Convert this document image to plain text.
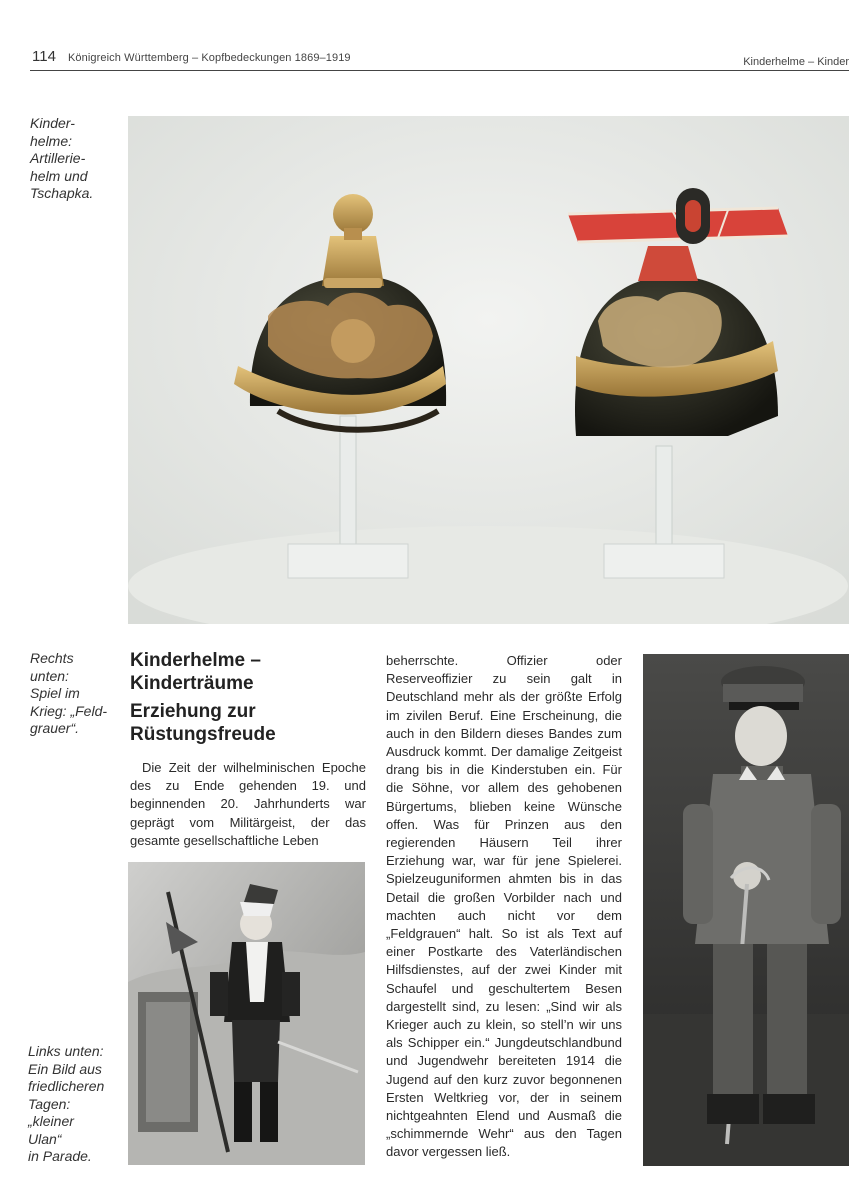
114 Königreich Württemberg – Kopfbedeckungen 1869–1919	Kinderhelme – Kinder
Kinder-
helme:
Artillerie-
helm und
Tschapka.
Rechts
unten:
Spiel im
Krieg: „Feld-
grauer“.
Kinderhelme –
Kinderträume
Erziehung zur
Rüstungsfreude
Die Zeit der wilhelminischen Epoche des zu Ende gehenden 19. und beginnenden 20. Jahrhunderts war geprägt vom Militärgeist, der das gesamte gesellschaftliche Leben
beherrschte. Offizier oder Reserveoffizier zu sein galt in Deutschland mehr als der größte Erfolg im zivilen Beruf. Eine Erscheinung, die auch in den Bildern dieses Bandes zum Ausdruck kommt. Der damalige Zeitgeist drang bis in die Kinderstuben ein. Für die Söhne, vor allem des gehobenen Bürgertums, blieben keine Wünsche offen. Was für Prinzen aus den regierenden Häusern Teil ihrer Erziehung war, war für jene Spielerei. Spielzeuguniformen ahmten bis in das Detail die großen Vorbilder nach und machten auch nicht vor dem „Feldgrauen“ halt. So ist als Text auf einer Postkarte des Vaterländischen Hilfsdienstes, auf der zwei Kinder mit Schaufel und geschultertem Besen dargestellt sind, zu lesen: „Sind wir als Krieger auch zu klein, so stell’n wir uns als Schipper ein.“ Jungdeutschlandbund und Jugendwehr bereiteten 1914 die Jugend auf den kurz zuvor begonnenen Ersten Weltkrieg vor, der in seinem nichtgeahnten Elend und Ausmaß die „schimmernde Wehr“ aus den Tagen davor vergessen ließ.
Links unten:
Ein Bild aus
friedlicheren
Tagen:
„kleiner
Ulan“
in Parade.
